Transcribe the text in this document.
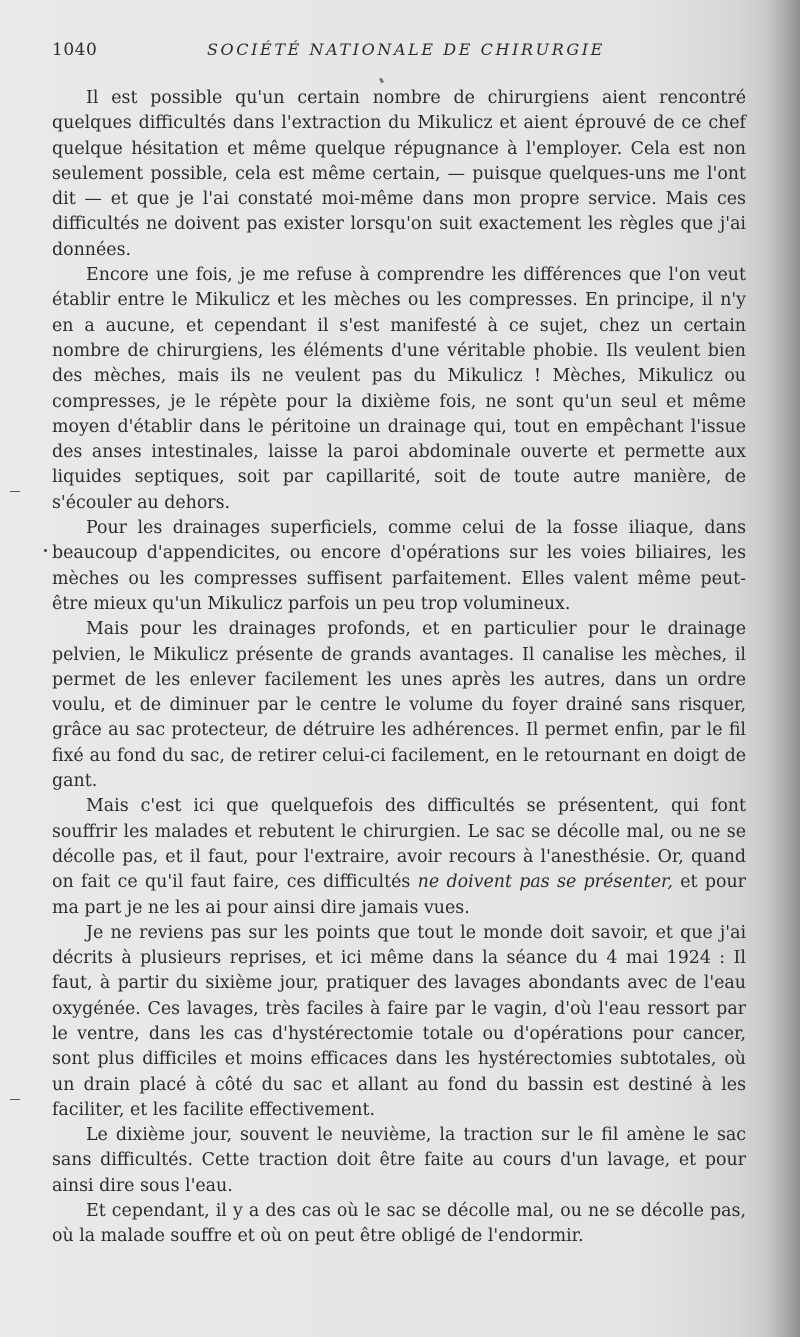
1040	SOCIÉTÉ NATIONALE DE CHIRURGIE

Il est possible qu'un certain nombre de chirurgiens aient rencontré quelques difficultés dans l'extraction du Mikulicz et aient éprouvé de ce chef quelque hésitation et même quelque répugnance à l'employer. Cela est non seulement possible, cela est même certain, — puisque quelques-uns me l'ont dit — et que je l'ai constaté moi-même dans mon propre service. Mais ces difficultés ne doivent pas exister lorsqu'on suit exactement les règles que j'ai données.

Encore une fois, je me refuse à comprendre les différences que l'on veut établir entre le Mikulicz et les mèches ou les compresses. En principe, il n'y en a aucune, et cependant il s'est manifesté à ce sujet, chez un certain nombre de chirurgiens, les éléments d'une véritable phobie. Ils veulent bien des mèches, mais ils ne veulent pas du Mikulicz ! Mèches, Mikulicz ou compresses, je le répète pour la dixième fois, ne sont qu'un seul et même moyen d'établir dans le péritoine un drainage qui, tout en empêchant l'issue des anses intestinales, laisse la paroi abdominale ouverte et permette aux liquides septiques, soit par capillarité, soit de toute autre manière, de s'écouler au dehors.

Pour les drainages superficiels, comme celui de la fosse iliaque, dans beaucoup d'appendicites, ou encore d'opérations sur les voies biliaires, les mèches ou les compresses suffisent parfaitement. Elles valent même peut-être mieux qu'un Mikulicz parfois un peu trop volumineux.

Mais pour les drainages profonds, et en particulier pour le drainage pelvien, le Mikulicz présente de grands avantages. Il canalise les mèches, il permet de les enlever facilement les unes après les autres, dans un ordre voulu, et de diminuer par le centre le volume du foyer drainé sans risquer, grâce au sac protecteur, de détruire les adhérences. Il permet enfin, par le fil fixé au fond du sac, de retirer celui-ci facilement, en le retournant en doigt de gant.

Mais c'est ici que quelquefois des difficultés se présentent, qui font souffrir les malades et rebutent le chirurgien. Le sac se décolle mal, ou ne se décolle pas, et il faut, pour l'extraire, avoir recours à l'anesthésie. Or, quand on fait ce qu'il faut faire, ces difficultés ne doivent pas se présenter, et pour ma part je ne les ai pour ainsi dire jamais vues.

Je ne reviens pas sur les points que tout le monde doit savoir, et que j'ai décrits à plusieurs reprises, et ici même dans la séance du 4 mai 1924 : Il faut, à partir du sixième jour, pratiquer des lavages abondants avec de l'eau oxygénée. Ces lavages, très faciles à faire par le vagin, d'où l'eau ressort par le ventre, dans les cas d'hystérectomie totale ou d'opérations pour cancer, sont plus difficiles et moins efficaces dans les hystérectomies subtotales, où un drain placé à côté du sac et allant au fond du bassin est destiné à les faciliter, et les facilite effectivement.

Le dixième jour, souvent le neuvième, la traction sur le fil amène le sac sans difficultés. Cette traction doit être faite au cours d'un lavage, et pour ainsi dire sous l'eau.

Et cependant, il y a des cas où le sac se décolle mal, ou ne se décolle pas, où la malade souffre et où on peut être obligé de l'endormir.
